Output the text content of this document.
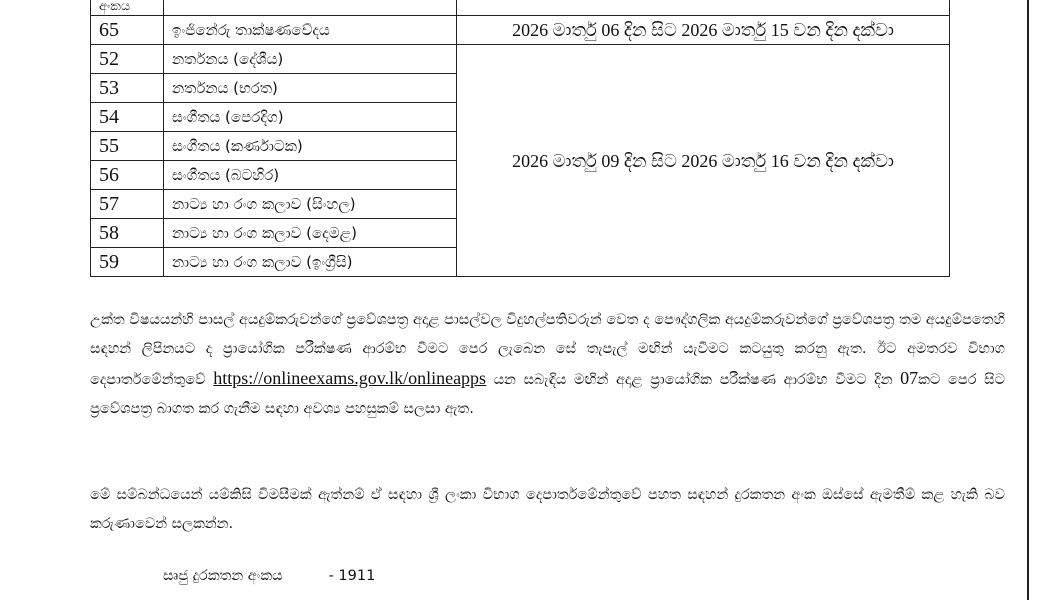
අංකය		
65	ඉංජිනේරු තාක්ෂණවේදය	2026 මාර්තු 06 දින සිට 2026 මාර්තු 15 වන දින දක්වා
52	නර්තනය (දේශීය)	2026 මාර්තු 09 දින සිට 2026 මාර්තු 16 වන දින දක්වා
53	නර්තනය (භරත)	
54	සංගීතය (පෙරදිග)	
55	සංගීතය (කර්ණාටක)	
56	සංගීතය (බටහිර)	
57	නාට්‍ය හා රංග කලාව (සිංහල)	
58	නාට්‍ය හා රංග කලාව (දෙමළ)	
59	නාට්‍ය හා රංග කලාව (ඉංග්‍රීසි)	
උක්ත විෂයයන්හි පාසල් අයදුම්කරුවන්ගේ ප්‍රවේශපත්‍ර අදාළ පාසල්වල විදුහල්පතිවරුන් වෙත ද පෞද්ගලික අයදුම්කරුවන්ගේ ප්‍රවේශපත්‍ර තම අයදුම්පතෙහි සඳහන් ලිපිනයට ද ප්‍රායෝගික පරීක්ෂණ ආරම්භ වීමට පෙර ලැබෙන සේ තැපැල් මඟින් යැවීමට කටයුතු කරනු ඇත. ඊට අමතරව විභාග දෙපාර්තමේන්තුවේ https://onlineexams.gov.lk/onlineapps යන සබැඳිය මඟින් අදාළ ප්‍රායෝගික පරීක්ෂණ ආරම්භ වීමට දින 07කට පෙර සිට ප්‍රවේශපත්‍ර බාගත කර ගැනීම සඳහා අවශ්‍ය පහසුකම් සලසා ඇත.
මේ සම්බන්ධයෙන් යම්කිසි විමසීමක් ඇත්නම් ඒ සඳහා ශ්‍රී ලංකා විභාග දෙපාර්තමේන්තුවේ පහත සඳහන් දුරකතන අංක ඔස්සේ ඇමතීම් කළ හැකි බව කරුණාවෙන් සලකන්න.
සෘජු දුරකතන අංකය	- 1911
